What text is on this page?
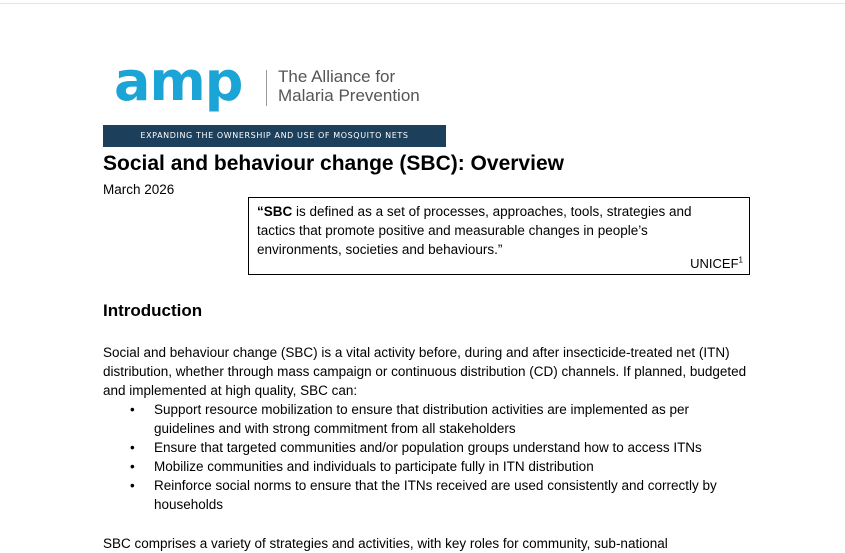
amp The Alliance for
Malaria Prevention
EXPANDING THE OWNERSHIP AND USE OF MOSQUITO NETS
Social and behaviour change (SBC): Overview
March 2026
“SBC is defined as a set of processes, approaches, tools, strategies and tactics that promote positive and measurable changes in people’s environments, societies and behaviours.”
UNICEF$^1$
Introduction
Social and behaviour change (SBC) is a vital activity before, during and after insecticide-treated net (ITN) distribution, whether through mass campaign or continuous distribution (CD) channels. If planned, budgeted and implemented at high quality, SBC can:
• Support resource mobilization to ensure that distribution activities are implemented as per guidelines and with strong commitment from all stakeholders
• Ensure that targeted communities and/or population groups understand how to access ITNs
• Mobilize communities and individuals to participate fully in ITN distribution
• Reinforce social norms to ensure that the ITNs received are used consistently and correctly by households
SBC comprises a variety of strategies and activities, with key roles for community, sub-national
